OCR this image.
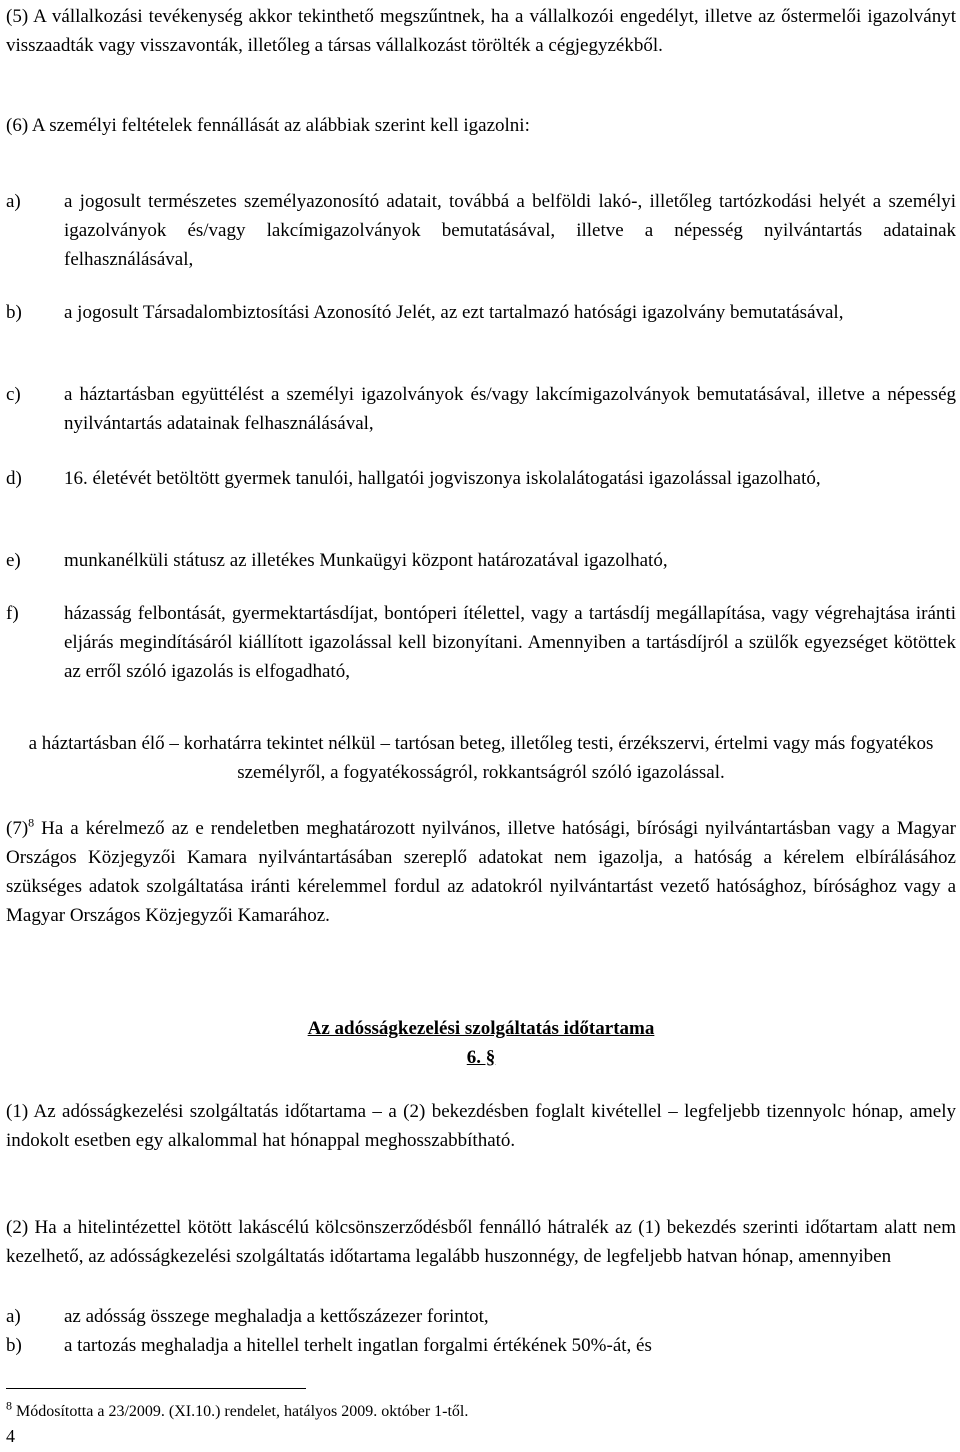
(5) A vállalkozási tevékenység akkor tekinthető megszűntnek, ha a vállalkozói engedélyt, illetve az őstermelői igazolványt visszaadták vagy visszavonták, illetőleg a társas vállalkozást törölték a cégjegyzékből.

(6) A személyi feltételek fennállását az alábbiak szerint kell igazolni:

a)	a jogosult természetes személyazonosító adatait, továbbá a belföldi lakó-, illetőleg tartózkodási helyét a személyi igazolványok és/vagy lakcímigazolványok bemutatásával, illetve a népesség nyilvántartás adatainak felhasználásával,

b)	a jogosult Társadalombiztosítási Azonosító Jelét, az ezt tartalmazó hatósági igazolvány bemutatásával,

c)	a háztartásban együttélést a személyi igazolványok és/vagy lakcímigazolványok bemutatásával, illetve a népesség nyilvántartás adatainak felhasználásával,

d)	16. életévét betöltött gyermek tanulói, hallgatói jogviszonya iskolalátogatási igazolással igazolható,

e)	munkanélküli státusz az illetékes Munkaügyi központ határozatával igazolható,

f)	házasság felbontását, gyermektartásdíjat, bontóperi ítélettel, vagy a tartásdíj megállapítása, vagy végrehajtása iránti eljárás megindításáról kiállított igazolással kell bizonyítani. Amennyiben a tartásdíjról a szülők egyezséget kötöttek az erről szóló igazolás is elfogadható,

a háztartásban élő – korhatárra tekintet nélkül – tartósan beteg, illetőleg testi, érzékszervi, értelmi vagy más fogyatékos személyről, a fogyatékosságról, rokkantságról szóló igazolással.

$(7)^8$ Ha a kérelmező az e rendeletben meghatározott nyilvános, illetve hatósági, bírósági nyilvántartásban vagy a Magyar Országos Közjegyzői Kamara nyilvántartásában szereplő adatokat nem igazolja, a hatóság a kérelem elbírálásához szükséges adatok szolgáltatása iránti kérelemmel fordul az adatokról nyilvántartást vezető hatósághoz, bírósághoz vagy a Magyar Országos Közjegyzői Kamarához.

Az adósságkezelési szolgáltatás időtartama

6. §

(1) Az adósságkezelési szolgáltatás időtartama – a (2) bekezdésben foglalt kivétellel – legfeljebb tizennyolc hónap, amely indokolt esetben egy alkalommal hat hónappal meghosszabbítható.

(2) Ha a hitelintézettel kötött lakáscélú kölcsönszerződésből fennálló hátralék az (1) bekezdés szerinti időtartam alatt nem kezelhető, az adósságkezelési szolgáltatás időtartama legalább huszonnégy, de legfeljebb hatvan hónap, amennyiben

a)	az adósság összege meghaladja a kettőszázezer forintot,

b)	a tartozás meghaladja a hitellel terhelt ingatlan forgalmi értékének 50%-át, és

$^8$ Módosította a 23/2009. (XI.10.) rendelet, hatályos 2009. október 1-től.
4
